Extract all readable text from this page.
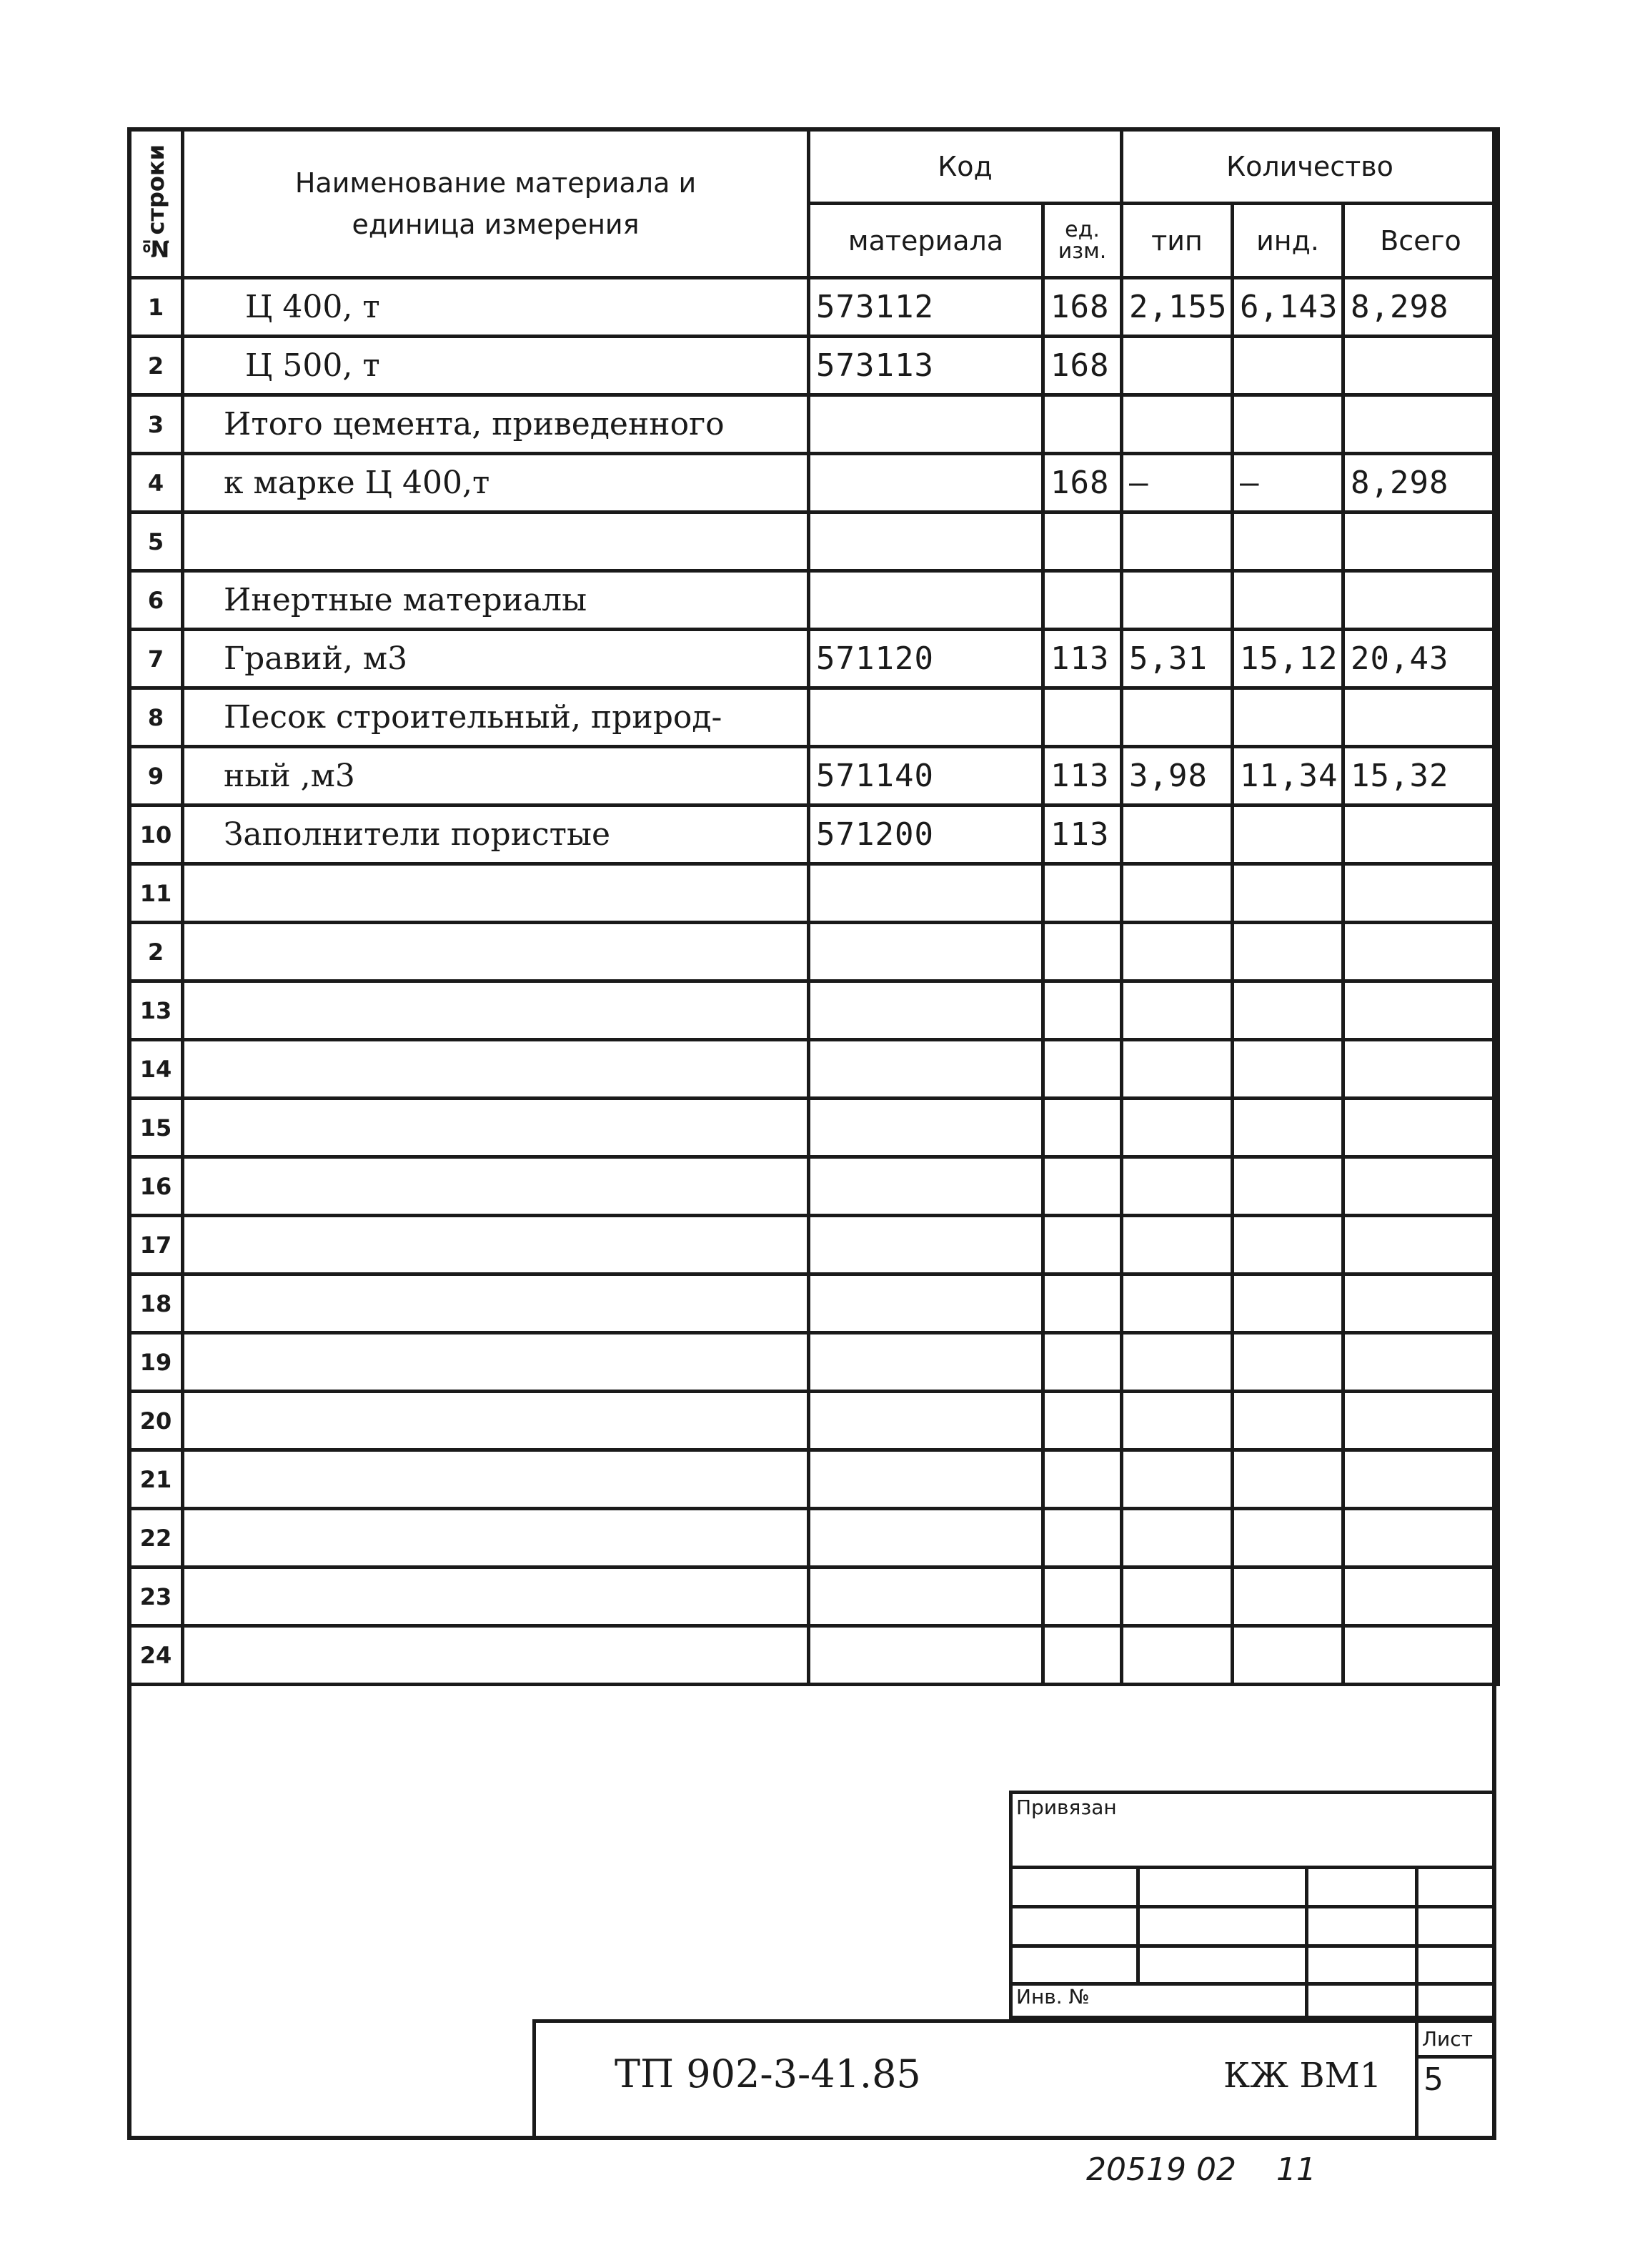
№строки	Наименование материала и единица измерения	Код		Количество		
		материала	ед. изм.	тип	инд.	Всего
1	Ц 400, т	573112	168	2,155	6,143	8,298
2	Ц 500, т	573113	168			
3	Итого цемента, приведенного					
4	к марке Ц 400,т		168	–	–	8,298
5						
6	Инертные материалы					
7	Гравий, м3	571120	113	5,31	15,12	20,43
8	Песок строительный, природ-					
9	ный ,м3	571140	113	3,98	11,34	15,32
10	Заполнители пористые	571200	113			
11						
2						
13						
14						
15						
16						
17						
18						
19						
20						
21						
22						
23						
24						
Привязан
Инв. №
ТП 902-3-41.85	КЖ ВМ1
Лист
5
20519 02    11
